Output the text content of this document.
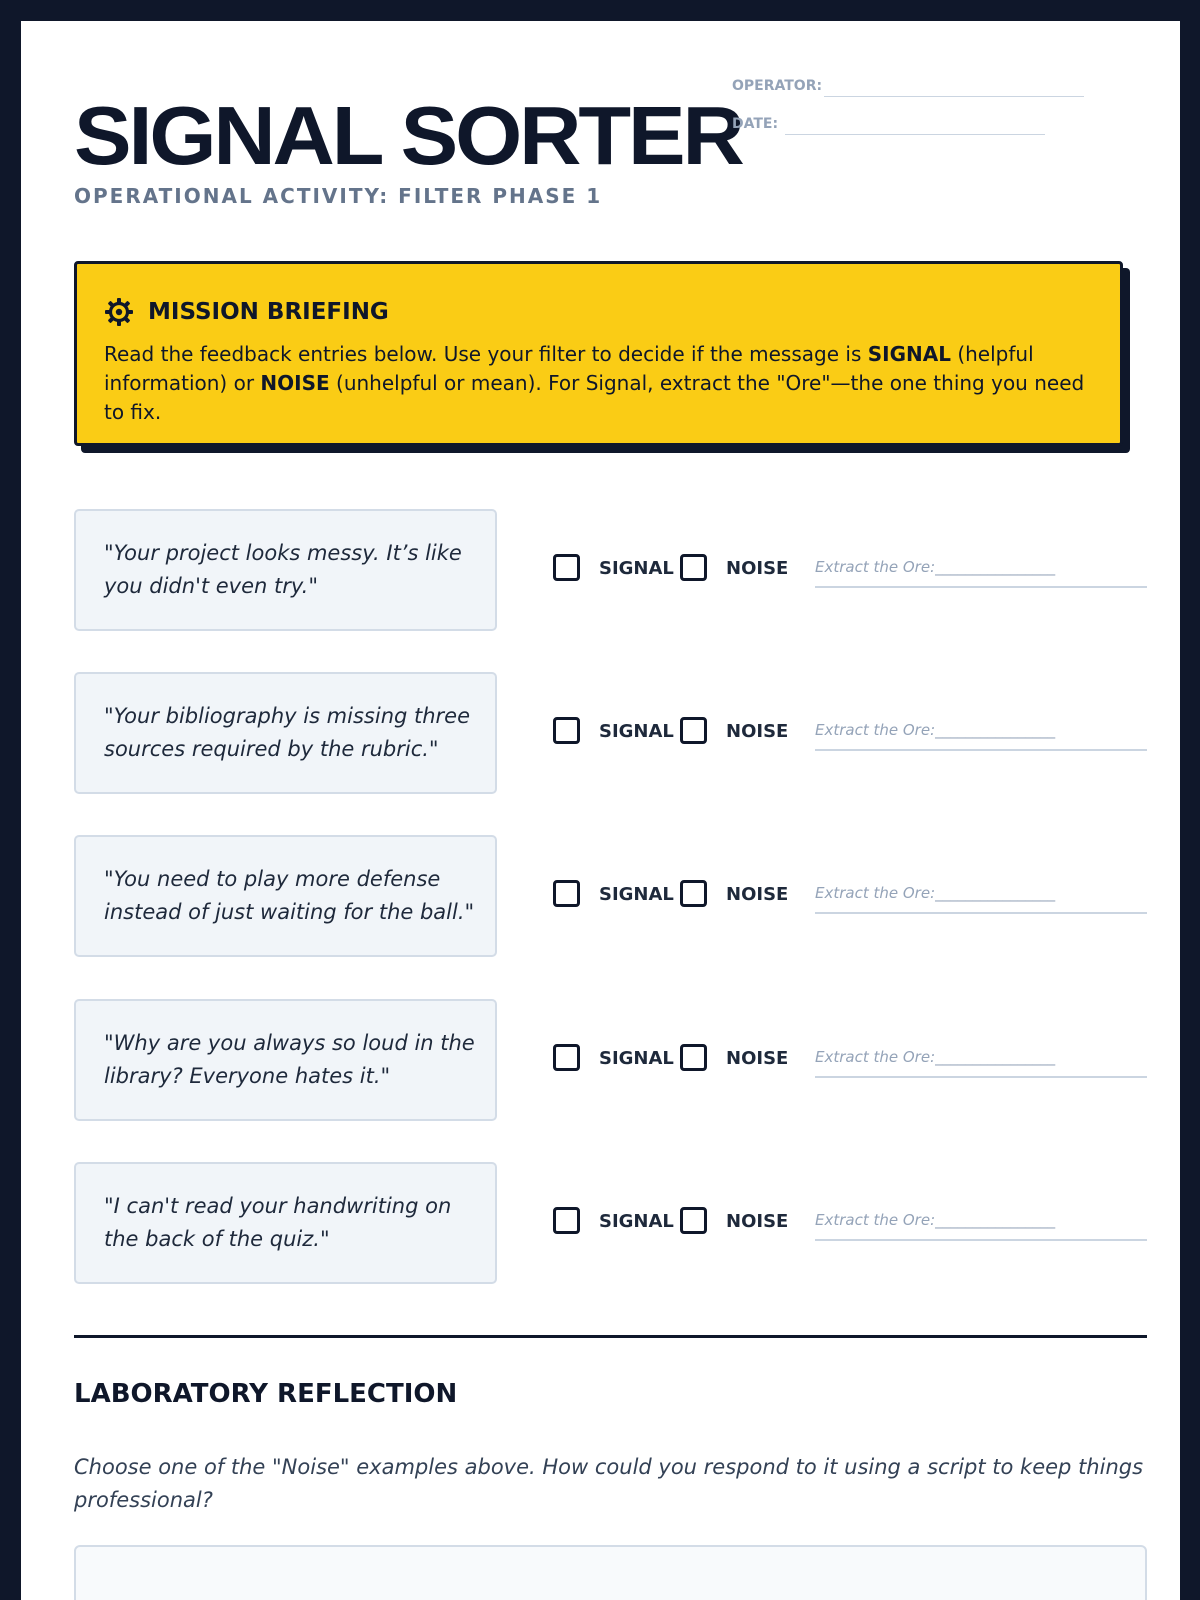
SIGNAL SORTER
OPERATIONAL ACTIVITY: FILTER PHASE 1
OPERATOR:
DATE:
MISSION BRIEFING
Read the feedback entries below. Use your filter to decide if the message is SIGNAL (helpful information) or NOISE (unhelpful or mean). For Signal, extract the "Ore"—the one thing you need to fix.
"Your project looks messy. It’s like you didn't even try."
SIGNAL	NOISE Extract the Ore:________________
"Your bibliography is missing three sources required by the rubric."
SIGNAL	NOISE Extract the Ore:________________
"You need to play more defense instead of just waiting for the ball."
SIGNAL	NOISE Extract the Ore:________________
"Why are you always so loud in the library? Everyone hates it."
SIGNAL	NOISE Extract the Ore:________________
"I can't read your handwriting on the back of the quiz."
SIGNAL	NOISE Extract the Ore:________________
LABORATORY REFLECTION
Choose one of the "Noise" examples above. How could you respond to it using a script to keep things professional?
